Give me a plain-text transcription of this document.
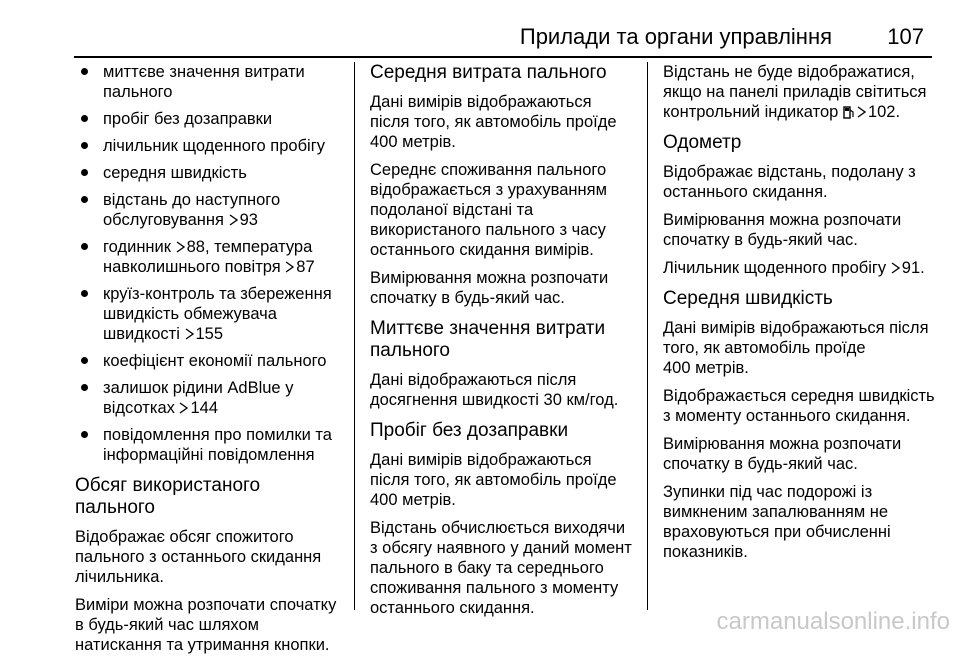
Прилади та органи управління	107
миттєве значення витрати пального
пробіг без дозаправки
лічильник щоденного пробігу
середня швидкість
відстань до наступного обслуговування 93
годинник 88, температура навколишнього повітря 87
круїз-контроль та збереження швидкість обмежувача швидкості 155
коефіцієнт економії пального
залишок рідини AdBlue у відсотках 144
повідомлення про помилки та інформаційні повідомлення
Обсяг використаного пального

Відображає обсяг спожитого пального з останнього скидання лічильника.

Виміри можна розпочати спочатку в будь-який час шляхом натискання та утримання кнопки.

Середня витрата пального

Дані вимірів відображаються після того, як автомобіль проїде
400 метрів.

Середнє споживання пального відображається з урахуванням подоланої відстані та використаного пального з часу останнього скидання вимірів.

Вимірювання можна розпочати спочатку в будь-який час.

Миттєве значення витрати пального

Дані відображаються після досягнення швидкості 30 км/год.

Пробіг без дозаправки

Дані вимірів відображаються після того, як автомобіль проїде
400 метрів.

Відстань обчислюється виходячи з обсягу наявного у даний момент пального в баку та середнього споживання пального з моменту останнього скидання.

Відстань не буде відображатися, якщо на панелі приладів світиться контрольний індикатор 102.

Одометр

Відображає відстань, подолану з останнього скидання.

Вимірювання можна розпочати спочатку в будь-який час.

Лічильник щоденного пробігу 91.

Середня швидкість

Дані вимірів відображаються після того, як автомобіль проїде
400 метрів.

Відображається середня швидкість з моменту останнього скидання.

Вимірювання можна розпочати спочатку в будь-який час.

Зупинки під час подорожі із вимкненим запалюванням не враховуються при обчисленні показників.

carmanualsonline.info
